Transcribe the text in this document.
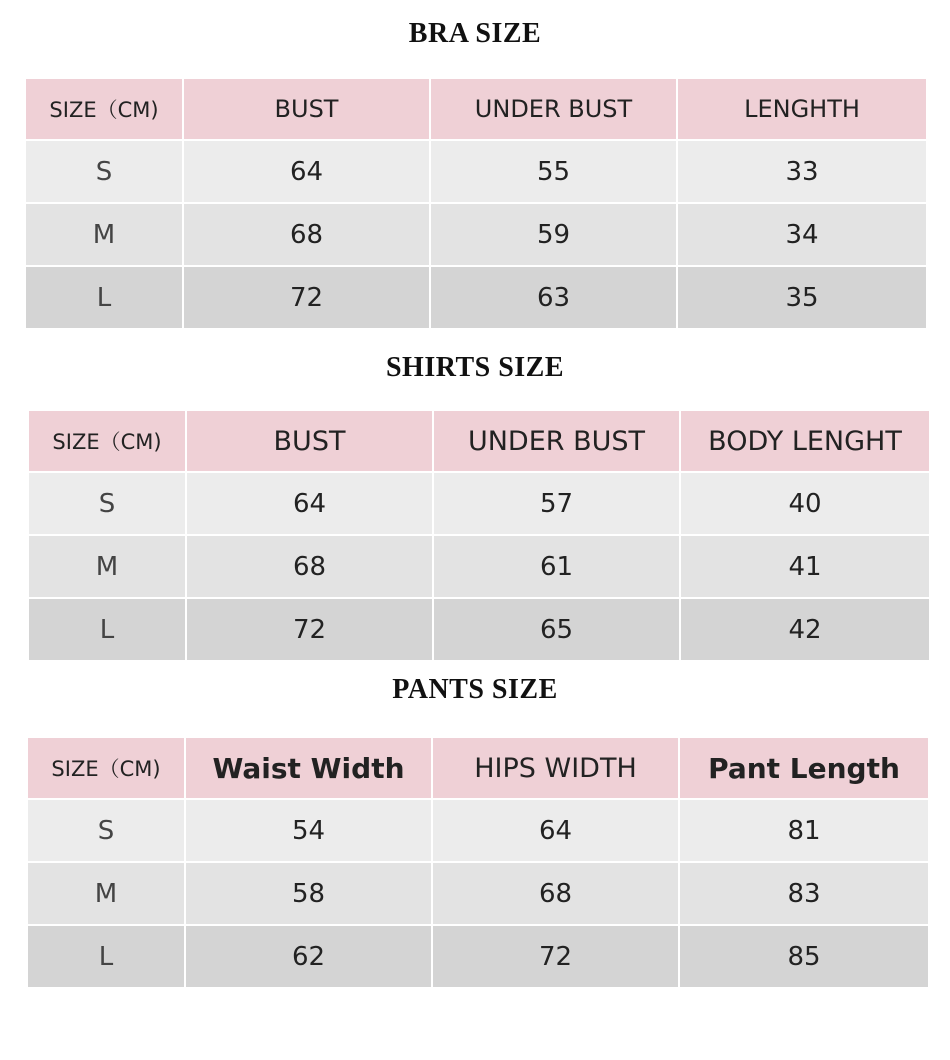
BRA SIZE
SIZE（CM)	BUST	UNDER BUST	LENGHTH
S	64	55	33
M	68	59	34
L	72	63	35
SHIRTS SIZE
SIZE（CM)	BUST	UNDER BUST	BODY LENGHT
S	64	57	40
M	68	61	41
L	72	65	42
PANTS SIZE
SIZE（CM)	Waist Width	HIPS WIDTH	Pant Length
S	54	64	81
M	58	68	83
L	62	72	85
